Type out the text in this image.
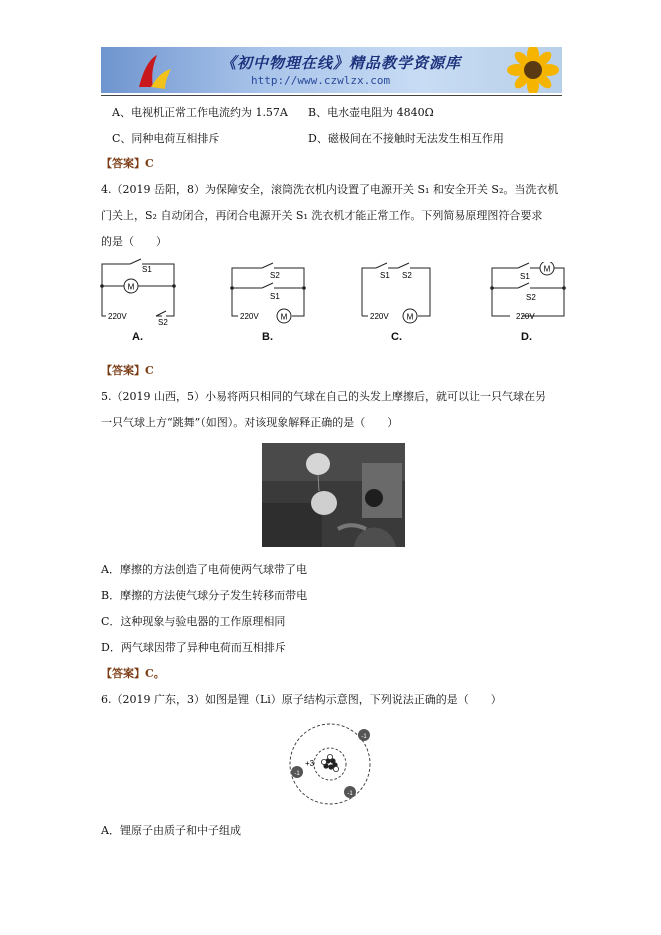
《初中物理在线》精品教学资源库
http://www.czwlzx.com
A、电视机正常工作电流约为 1.57A B、电水壶电阻为 4840Ω
C、同种电荷互相排斥	D、磁极间在不接触时无法发生相互作用
【答案】C
4.（2019 岳阳，8）为保障安全，滚筒洗衣机内设置了电源开关 S₁ 和安全开关 S₂。当洗衣机
门关上，S₂ 自动闭合，再闭合电源开关 S₁ 洗衣机才能正常工作。下列简易原理图符合要求
的是（　　）
M
S1
220V
S2
A.
M
S2
S1
220V
B.
M
S1 S2
220V
C.
M
S1
S2
220V
D.
【答案】C
5.（2019 山西，5）小易将两只相同的气球在自己的头发上摩擦后，就可以让一只气球在另
一只气球上方“跳舞”（如图）。对该现象解释正确的是（　　）
A．摩擦的方法创造了电荷使两气球带了电
B．摩擦的方法使气球分子发生转移而带电
C．这种现象与验电器的工作原理相同
D．两气球因带了异种电荷而互相排斥
【答案】C。
6.（2019 广东，3）如图是锂（Li）原子结构示意图，下列说法正确的是（　　）
+3
-1
-1
-1
A．锂原子由质子和中子组成
